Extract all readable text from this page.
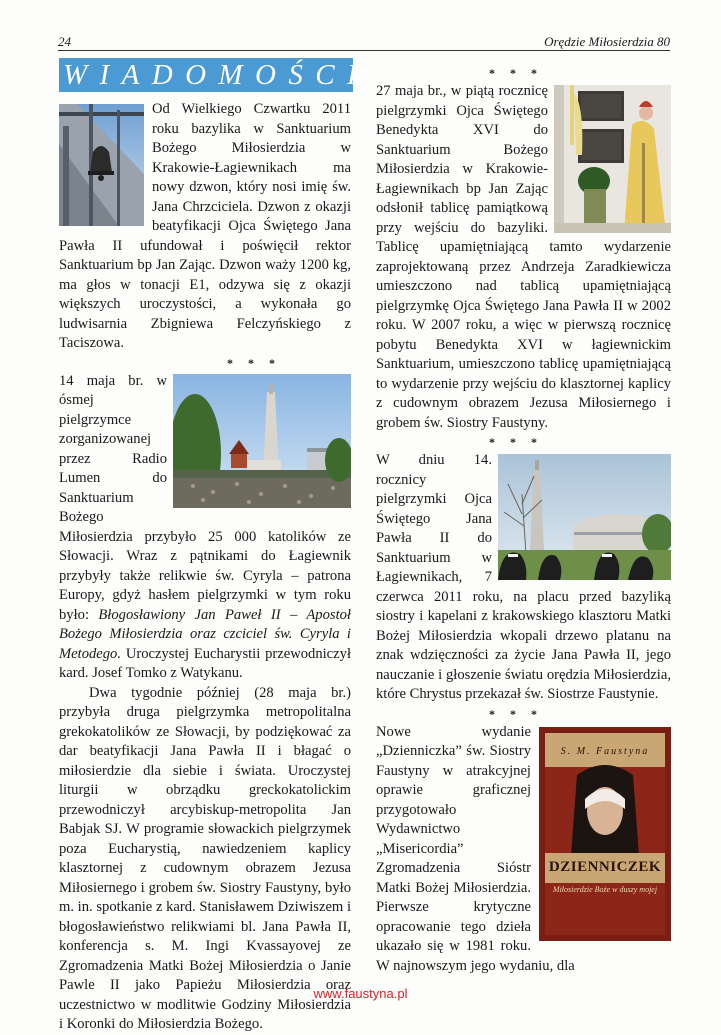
24	Orędzie Miłosierdzia 80
WIADOMOŚCI

Od Wielkiego Czwartku 2011 roku bazylika w Sanktuarium Bożego Miłosierdzia w Krakowie-Łagiewnikach ma nowy dzwon, który nosi imię św. Jana Chrzciciela. Dzwon z okazji beatyfikacji Ojca Świętego Jana Pawła II ufundował i poświęcił rektor Sanktuarium bp Jan Zając. Dzwon waży 1200 kg, ma głos w tonacji E1, odzywa się z okazji większych uroczystości, a wykonała go ludwisarnia Zbigniewa Felczyńskiego z Taciszowa.

* * *

14 maja br. w ósmej pielgrzymce zorganizowanej przez Radio Lumen do Sanktuarium Bożego Miłosierdzia przybyło 25 000 katolików ze Słowacji. Wraz z pątnikami do Łagiewnik przybyły także relikwie św. Cyryla – patrona Europy, gdyż hasłem pielgrzymki w tym roku było: Błogosławiony Jan Paweł II – Apostoł Bożego Miłosierdzia oraz czciciel św. Cyryla i Metodego. Uroczystej Eucharystii przewodniczył kard. Josef Tomko z Watykanu.

Dwa tygodnie później (28 maja br.) przybyła druga pielgrzymka metropolitalna grekokatolików ze Słowacji, by podziękować za dar beatyfikacji Jana Pawła II i błagać o miłosierdzie dla siebie i świata. Uroczystej liturgii w obrządku greckokatolickim przewodniczył arcybiskup-metropolita Jan Babjak SJ. W programie słowackich pielgrzymek poza Eucharystią, nawiedzeniem kaplicy klasztornej z cudownym obrazem Jezusa Miłosiernego i grobem św. Siostry Faustyny, było m. in. spotkanie z kard. Stanisławem Dziwiszem i błogosławieństwo relikwiami bl. Jana Pawła II, konferencja s. M. Ingi Kvassayovej ze Zgromadzenia Matki Bożej Miłosierdzia o Janie Pawle II jako Papieżu Miłosierdzia oraz uczestnictwo w modlitwie Godziny Miłosierdzia i Koronki do Miłosierdzia Bożego.

* * *

27 maja br., w piątą rocznicę pielgrzymki Ojca Świętego Benedykta XVI do Sanktuarium Bożego Miłosierdzia w Krakowie-Łagiewnikach bp Jan Zając odsłonił tablicę pamiątkową przy wejściu do bazyliki. Tablicę upamiętniającą tamto wydarzenie zaprojektowaną przez Andrzeja Zaradkiewicza umieszczono nad tablicą upamiętniającą pielgrzymkę Ojca Świętego Jana Pawła II w 2002 roku. W 2007 roku, a więc w pierwszą rocznicę pobytu Benedykta XVI w łagiewnickim Sanktuarium, umieszczono tablicę upamiętniającą to wydarzenie przy wejściu do klasztornej kaplicy z cudownym obrazem Jezusa Miłosiernego i grobem św. Siostry Faustyny.

* * *

W dniu 14. rocznicy pielgrzymki Ojca Świętego Jana Pawła II do Sanktuarium w Łagiewnikach, 7 czerwca 2011 roku, na placu przed bazyliką siostry i kapelani z krakowskiego klasztoru Matki Bożej Miłosierdzia wkopali drzewo platanu na znak wdzięczności za życie Jana Pawła II, jego nauczanie i głoszenie światu orędzia Miłosierdzia, które Chrystus przekazał św. Siostrze Faustynie.

* * *

S. M. Faustyna
DZIENNICZEK
Miłosierdzie Boże w duszy mojej

Nowe wydanie „Dzienniczka” św. Siostry Faustyny w atrakcyjnej oprawie graficznej przygotowało Wydawnictwo „Misericordia” Zgromadzenia Sióstr Matki Bożej Miłosierdzia. Pierwsze krytyczne opracowanie tego dzieła ukazało się w 1981 roku. W najnowszym jego wydaniu, dla

www.faustyna.pl
